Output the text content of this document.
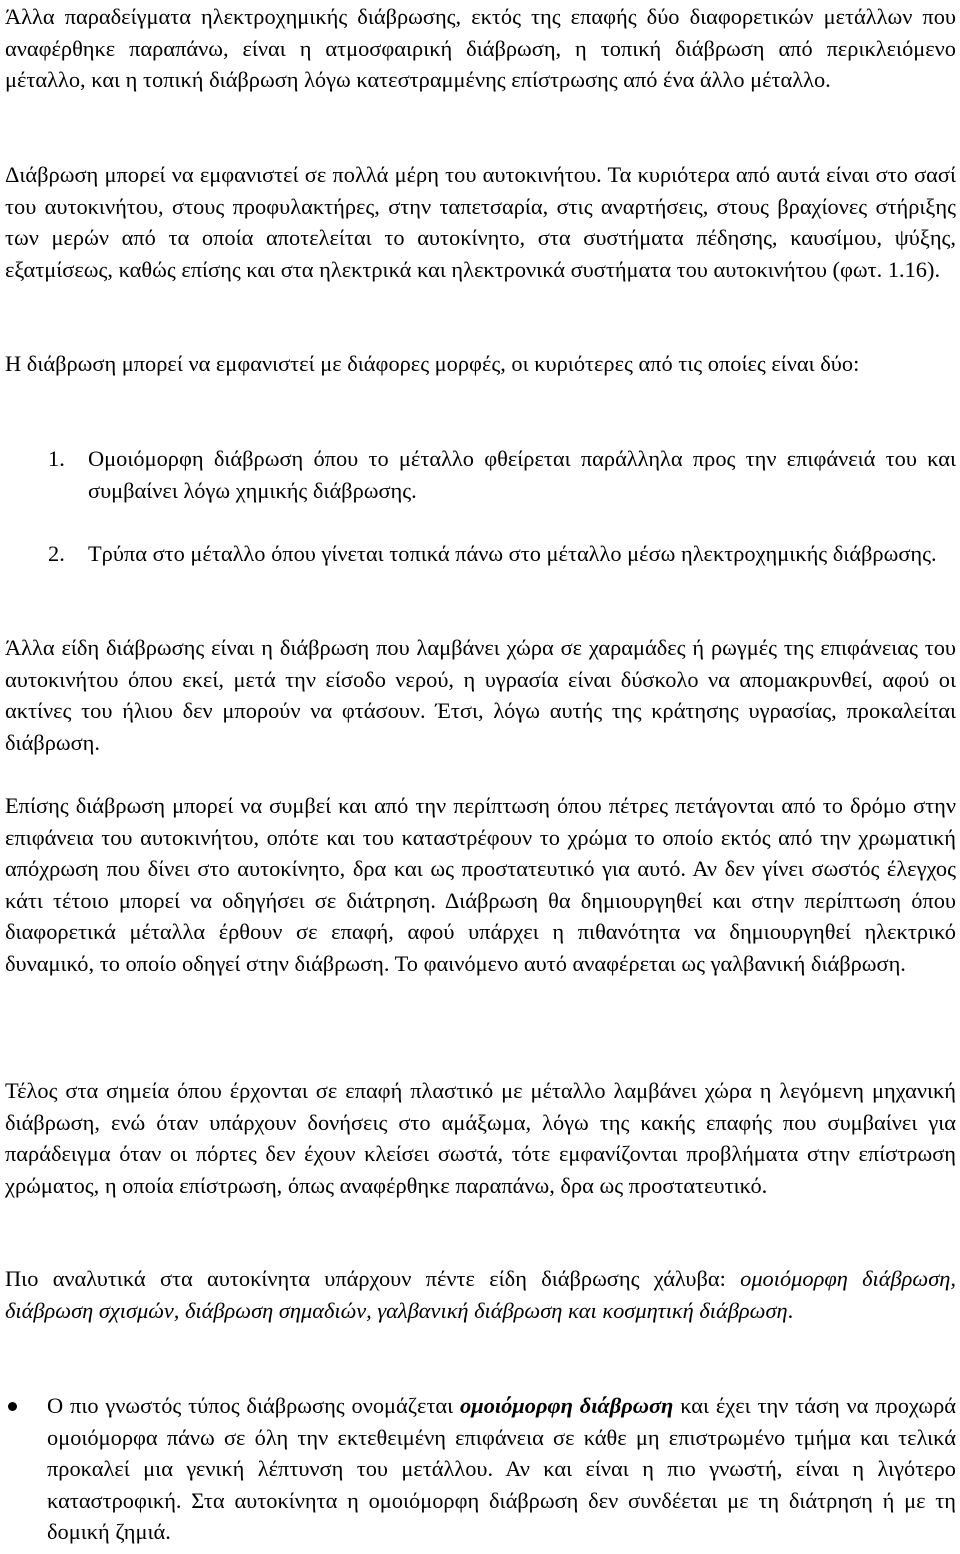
Άλλα παραδείγματα ηλεκτροχημικής διάβρωσης, εκτός της επαφής δύο διαφορετικών μετάλλων που αναφέρθηκε παραπάνω, είναι η ατμοσφαιρική διάβρωση, η τοπική διάβρωση από περικλειόμενο μέταλλο, και η τοπική διάβρωση λόγω κατεστραμμένης επίστρωσης από ένα άλλο μέταλλο.

Διάβρωση μπορεί να εμφανιστεί σε πολλά μέρη του αυτοκινήτου. Τα κυριότερα από αυτά είναι στο σασί του αυτοκινήτου, στους προφυλακτήρες, στην ταπετσαρία, στις αναρτήσεις, στους βραχίονες στήριξης των μερών από τα οποία αποτελείται το αυτοκίνητο, στα συστήματα πέδησης, καυσίμου, ψύξης, εξατμίσεως, καθώς επίσης και στα ηλεκτρικά και ηλεκτρονικά συστήματα του αυτοκινήτου (φωτ. 1.16).

Η διάβρωση μπορεί να εμφανιστεί με διάφορες μορφές, οι κυριότερες από τις οποίες είναι δύο:

1. Ομοιόμορφη διάβρωση όπου το μέταλλο φθείρεται παράλληλα προς την επιφάνειά του και συμβαίνει λόγω χημικής διάβρωσης.

2. Τρύπα στο μέταλλο όπου γίνεται τοπικά πάνω στο μέταλλο μέσω ηλεκτροχημικής διάβρωσης.

Άλλα είδη διάβρωσης είναι η διάβρωση που λαμβάνει χώρα σε χαραμάδες ή ρωγμές της επιφάνειας του αυτοκινήτου όπου εκεί, μετά την είσοδο νερού, η υγρασία είναι δύσκολο να απομακρυνθεί, αφού οι ακτίνες του ήλιου δεν μπορούν να φτάσουν. Έτσι, λόγω αυτής της κράτησης υγρασίας, προκαλείται διάβρωση.

Επίσης διάβρωση μπορεί να συμβεί και από την περίπτωση όπου πέτρες πετάγονται από το δρόμο στην επιφάνεια του αυτοκινήτου, οπότε και του καταστρέφουν το χρώμα το οποίο εκτός από την χρωματική απόχρωση που δίνει στο αυτοκίνητο, δρα και ως προστατευτικό για αυτό. Αν δεν γίνει σωστός έλεγχος κάτι τέτοιο μπορεί να οδηγήσει σε διάτρηση. Διάβρωση θα δημιουργηθεί και στην περίπτωση όπου διαφορετικά μέταλλα έρθουν σε επαφή, αφού υπάρχει η πιθανότητα να δημιουργηθεί ηλεκτρικό δυναμικό, το οποίο οδηγεί στην διάβρωση. Το φαινόμενο αυτό αναφέρεται ως γαλβανική διάβρωση.

Τέλος στα σημεία όπου έρχονται σε επαφή πλαστικό με μέταλλο λαμβάνει χώρα η λεγόμενη μηχανική διάβρωση, ενώ όταν υπάρχουν δονήσεις στο αμάξωμα, λόγω της κακής επαφής που συμβαίνει για παράδειγμα όταν οι πόρτες δεν έχουν κλείσει σωστά, τότε εμφανίζονται προβλήματα στην επίστρωση χρώματος, η οποία επίστρωση, όπως αναφέρθηκε παραπάνω, δρα ως προστατευτικό.

Πιο αναλυτικά στα αυτοκίνητα υπάρχουν πέντε είδη διάβρωσης χάλυβα: ομοιόμορφη διάβρωση, διάβρωση σχισμών, διάβρωση σημαδιών, γαλβανική διάβρωση και κοσμητική διάβρωση.

Ο πιο γνωστός τύπος διάβρωσης ονομάζεται ομοιόμορφη διάβρωση και έχει την τάση να προχωρά ομοιόμορφα πάνω σε όλη την εκτεθειμένη επιφάνεια σε κάθε μη επιστρωμένο τμήμα και τελικά προκαλεί μια γενική λέπτυνση του μετάλλου. Αν και είναι η πιο γνωστή, είναι η λιγότερο καταστροφική. Στα αυτοκίνητα η ομοιόμορφη διάβρωση δεν συνδέεται με τη διάτρηση ή με τη δομική ζημιά.
